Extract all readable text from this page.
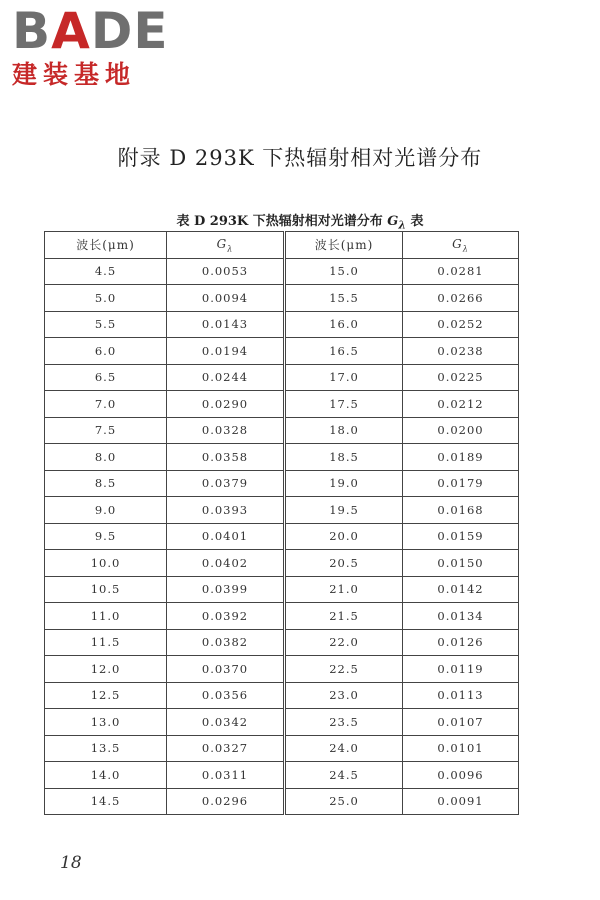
BADE
建装基地
附录 D 293K 下热辐射相对光谱分布
表 D 293K 下热辐射相对光谱分布 $G_\lambda$ 表
波长(μm)	$G_\lambda$	波长(μm)	$G_\lambda$
4.5	0.0053	15.0	0.0281
5.0	0.0094	15.5	0.0266
5.5	0.0143	16.0	0.0252
6.0	0.0194	16.5	0.0238
6.5	0.0244	17.0	0.0225
7.0	0.0290	17.5	0.0212
7.5	0.0328	18.0	0.0200
8.0	0.0358	18.5	0.0189
8.5	0.0379	19.0	0.0179
9.0	0.0393	19.5	0.0168
9.5	0.0401	20.0	0.0159
10.0	0.0402	20.5	0.0150
10.5	0.0399	21.0	0.0142
11.0	0.0392	21.5	0.0134
11.5	0.0382	22.0	0.0126
12.0	0.0370	22.5	0.0119
12.5	0.0356	23.0	0.0113
13.0	0.0342	23.5	0.0107
13.5	0.0327	24.0	0.0101
14.0	0.0311	24.5	0.0096
14.5	0.0296	25.0	0.0091
18
